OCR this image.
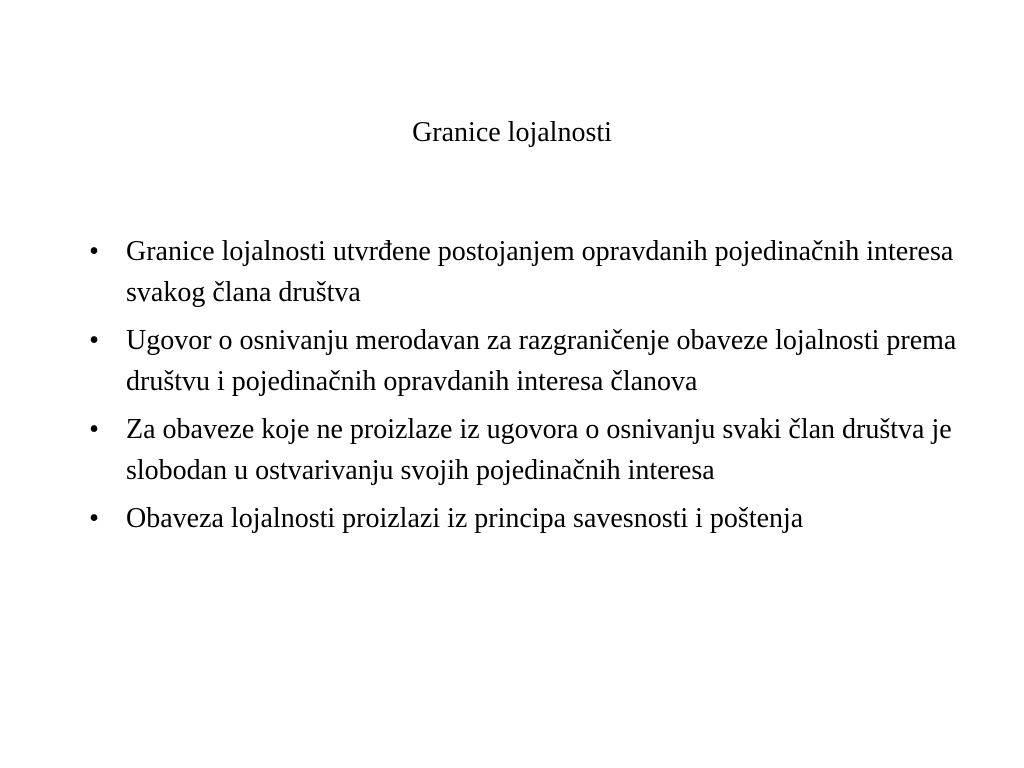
Granice lojalnosti
• Granice lojalnosti utvrđene postojanjem opravdanih pojedinačnih interesa svakog člana društva
• Ugovor o osnivanju merodavan za razgraničenje obaveze lojalnosti prema društvu i pojedinačnih opravdanih interesa članova
• Za obaveze koje ne proizlaze iz ugovora o osnivanju svaki član društva je slobodan u ostvarivanju svojih pojedinačnih interesa
• Obaveza lojalnosti proizlazi iz principa savesnosti i poštenja
